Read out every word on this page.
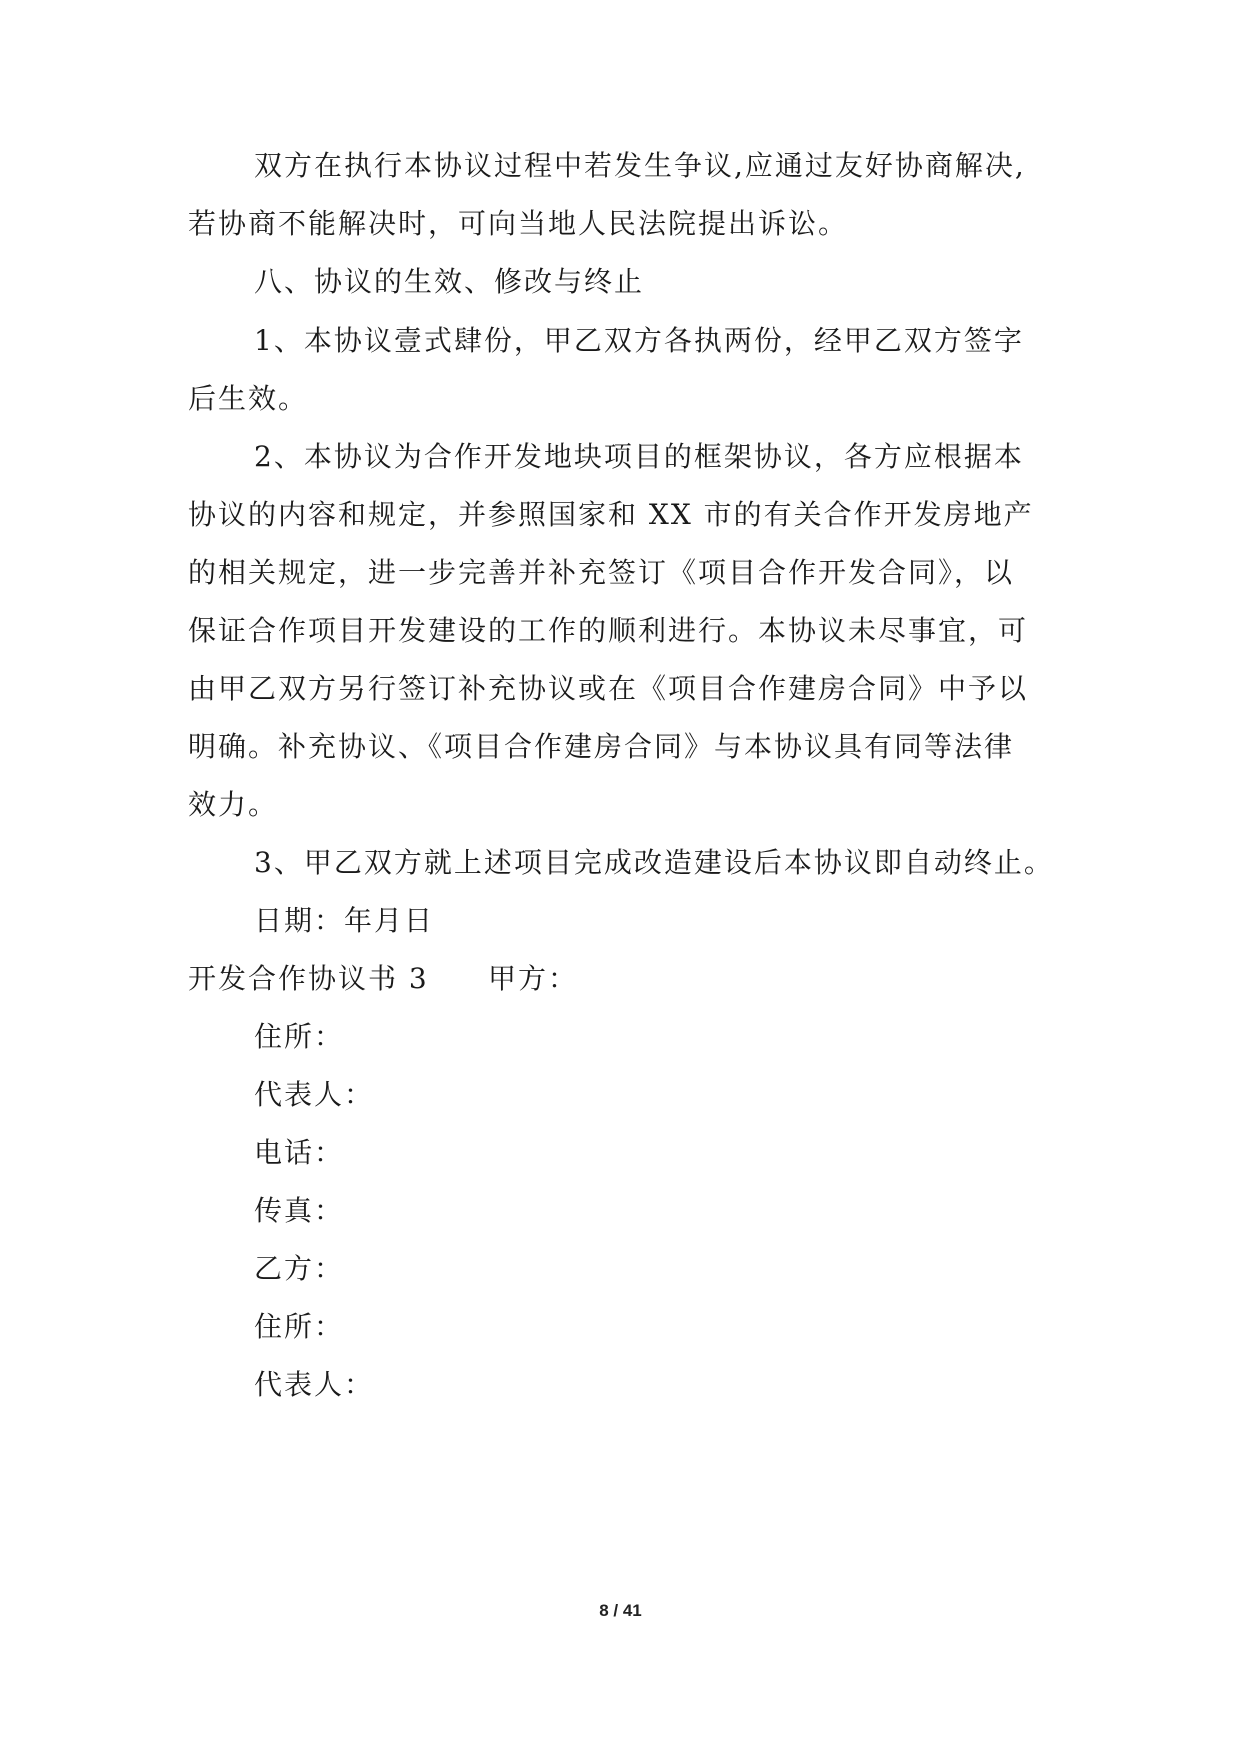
双方在执行本协议过程中若发生争议,应通过友好协商解决,
若协商不能解决时，可向当地人民法院提出诉讼。
八、协议的生效、修改与终止
1、本协议壹式肆份，甲乙双方各执两份，经甲乙双方签字
后生效。
2、本协议为合作开发地块项目的框架协议，各方应根据本
协议的内容和规定，并参照国家和 XX 市的有关合作开发房地产
的相关规定，进一步完善并补充签订《项目合作开发合同》，以
保证合作项目开发建设的工作的顺利进行。本协议未尽事宜，可
由甲乙双方另行签订补充协议或在《项目合作建房合同》中予以
明确。补充协议、《项目合作建房合同》与本协议具有同等法律
效力。
3、甲乙双方就上述项目完成改造建设后本协议即自动终止。
日期：年月日
开发合作协议书 3 甲方：
住所：
代表人：
电话：
传真：
乙方：
住所：
代表人：
8 / 41
